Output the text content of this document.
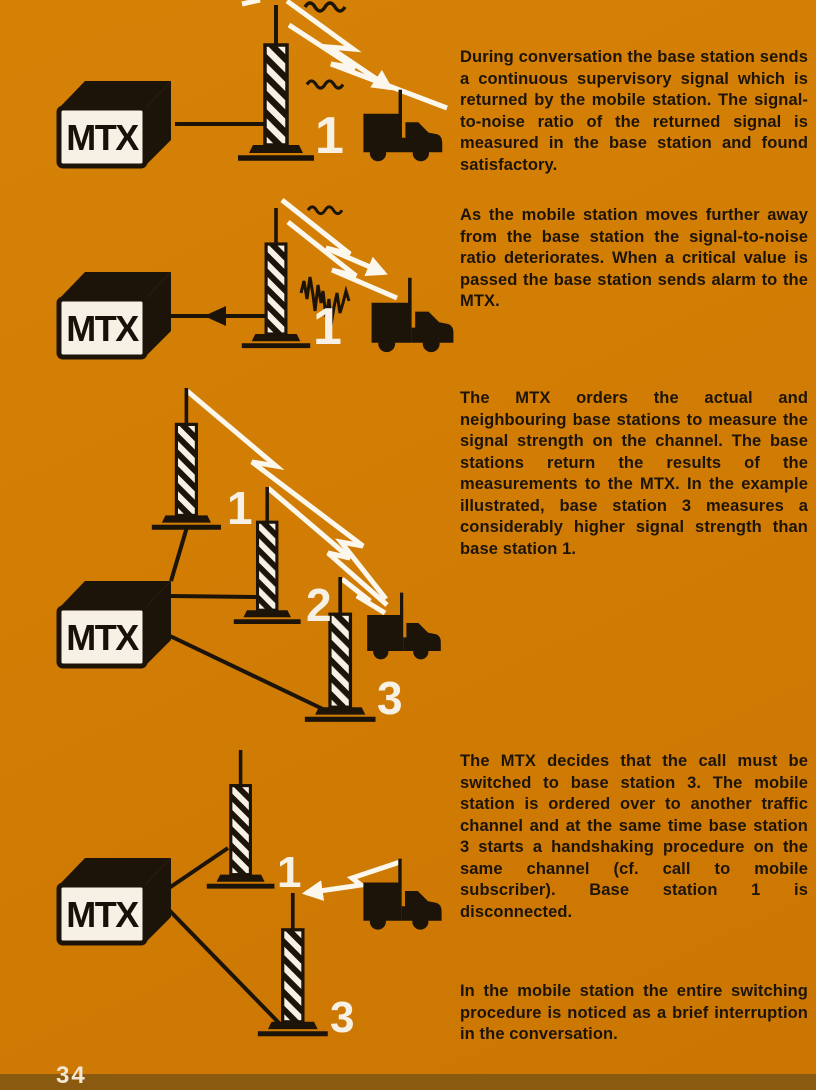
1
1
1
2
3
1
3

During conversation the base station sends a continuous supervisory signal which is returned by the mobile station. The signal-to-noise ratio of the returned signal is measured in the base station and found satisfactory.

As the mobile station moves further away from the base station the signal-to-noise ratio deteriorates. When a critical value is passed the base station sends alarm to the MTX.

The MTX orders the actual and neighbouring base stations to measure the signal strength on the channel. The base stations return the results of the measurements to the MTX. In the example illustrated, base station 3 measures a considerably higher signal strength than base station 1.

The MTX decides that the call must be switched to base station 3. The mobile station is ordered over to another traffic channel and at the same time base station 3 starts a handshaking procedure on the same channel (cf. call to mobile subscriber). Base station 1 is disconnected.

In the mobile station the entire switching procedure is noticed as a brief interruption in the conversation.

34
